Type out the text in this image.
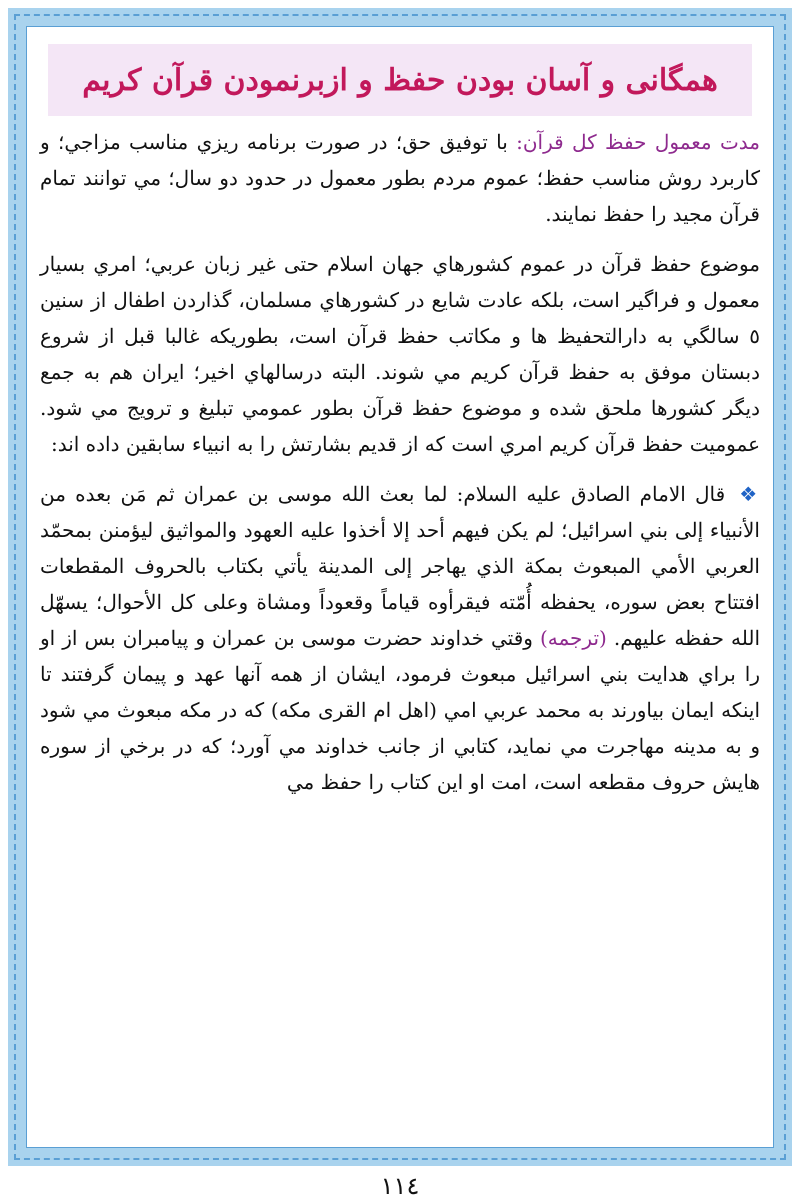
همگانی و آسان بودن حفظ و ازبرنمودن قرآن کریم

مدت معمول حفظ کل قرآن: با توفيق حق؛ در صورت برنامه ريزي مناسب مزاجي؛ و کاربرد روش مناسب حفظ؛ عموم مردم بطور معمول در حدود دو سال؛ مي توانند تمام قرآن مجيد را حفظ نمايند.

موضوع حفظ قرآن در عموم کشورهاي جهان اسلام حتى غير زبان عربي؛ امري بسيار معمول و فراگير است، بلکه عادت شايع در کشورهاي مسلمان، گذاردن اطفال از سنين ٥ سالگي به دارالتحفيظ ها و مکاتب حفظ قرآن است، بطوريکه غالبا قبل از شروع دبستان موفق به حفظ قرآن کريم مي شوند. البته درسالهاي اخير؛ ايران هم به جمع ديگر کشورها ملحق شده و موضوع حفظ قرآن بطور عمومي تبليغ و ترويج مي شود. عموميت حفظ قرآن کريم امري است که از قديم بشارتش را به انبياء سابقين داده اند:

❖قال الامام الصادق عليه السلام: لما بعث الله موسى بن عمران ثم مَن بعده من الأنبياء إلى بني اسرائيل؛ لم يكن فيهم أحد إلا أخذوا عليه العهود والمواثيق ليؤمنن بمحمّد العربي الأمي المبعوث بمكة الذي يهاجر إلى المدينة يأتي بكتاب بالحروف المقطعات افتتاح بعض سوره، يحفظه أُمّته فيقرأوه قياماً وقعوداً ومشاة وعلى كل الأحوال؛ يسهّل الله حفظه عليهم. (ترجمه) وقتي خداوند حضرت موسى بن عمران و پيامبران بس از او را براي هدايت بني اسرائيل مبعوث فرمود، ايشان از همه آنها عهد و پيمان گرفتند تا اينکه ايمان بياورند به محمد عربي امي (اهل ام القرى مکه) که در مکه مبعوث مي شود و به مدينه مهاجرت مي نمايد، کتابي از جانب خداوند مي آورد؛ که در برخي از سوره هايش حروف مقطعه است، امت او اين کتاب را حفظ مي

١١٤
